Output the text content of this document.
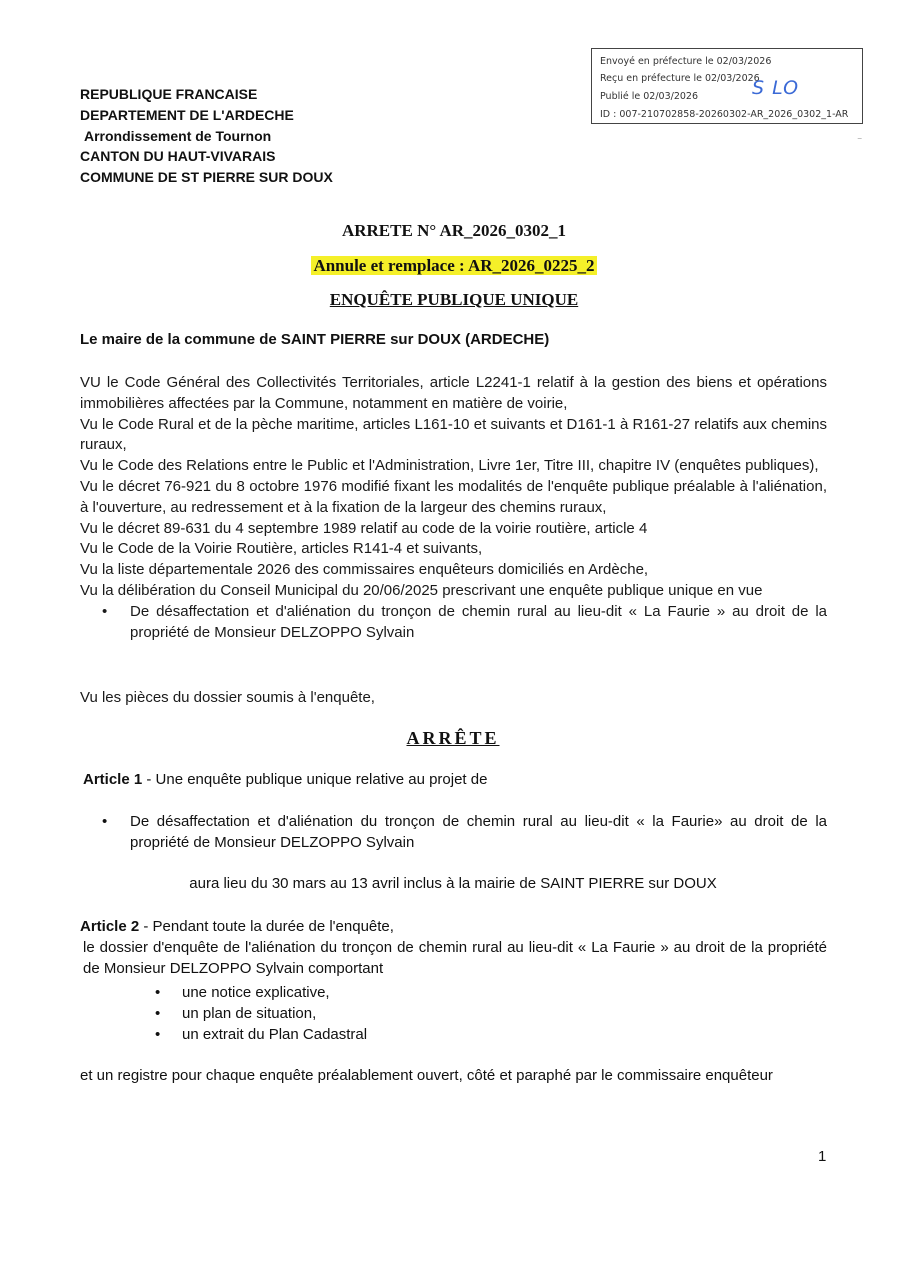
REPUBLIQUE FRANCAISE
DEPARTEMENT DE L'ARDECHE
Arrondissement de Tournon
CANTON DU HAUT-VIVARAIS
COMMUNE DE ST PIERRE SUR DOUX
Envoyé en préfecture le 02/03/2026
Reçu en préfecture le 02/03/2026
Publié le 02/03/2026
ID : 007-210702858-20260302-AR_2026_0302_1-AR
S LO
‾
ARRETE N° AR_2026_0302_1
Annule et remplace : AR_2026_0225_2
ENQUÊTE PUBLIQUE UNIQUE
Le maire de la commune de SAINT PIERRE sur DOUX (ARDECHE)

VU le Code Général des Collectivités Territoriales, article L2241-1 relatif à la gestion des biens et opérations immobilières affectées par la Commune, notamment en matière de voirie,

Vu le Code Rural et de la pèche maritime, articles L161-10 et suivants et D161-1 à R161-27 relatifs aux chemins ruraux,

Vu le Code des Relations entre le Public et l'Administration, Livre 1er, Titre III, chapitre IV (enquêtes publiques),

Vu le décret 76-921 du 8 octobre 1976 modifié fixant les modalités de l'enquête publique préalable à l'aliénation, à l'ouverture, au redressement et à la fixation de la largeur des chemins ruraux,

Vu le décret 89-631 du 4 septembre 1989 relatif au code de la voirie routière, article 4

Vu le Code de la Voirie Routière, articles R141-4 et suivants,

Vu la liste départementale 2026 des commissaires enquêteurs domiciliés en Ardèche,

Vu la délibération du Conseil Municipal du 20/06/2025 prescrivant une enquête publique unique en vue

• De désaffectation et d'aliénation du tronçon de chemin rural au lieu-dit « La Faurie » au droit de la propriété de Monsieur DELZOPPO Sylvain
Vu les pièces du dossier soumis à l'enquête,
ARRÊTE
Article 1 - Une enquête publique unique relative au projet de
• De désaffectation et d'aliénation du tronçon de chemin rural au lieu-dit « la Faurie» au droit de la propriété de Monsieur DELZOPPO Sylvain
aura lieu du 30 mars au 13 avril inclus à la mairie de SAINT PIERRE sur DOUX
Article 2 - Pendant toute la durée de l'enquête,
le dossier d'enquête de l'aliénation du tronçon de chemin rural au lieu-dit « La Faurie » au droit de la propriété de Monsieur DELZOPPO Sylvain comportant
• une notice explicative,
• un plan de situation,
• un extrait du Plan Cadastral
et un registre pour chaque enquête préalablement ouvert, côté et paraphé par le commissaire enquêteur
1
